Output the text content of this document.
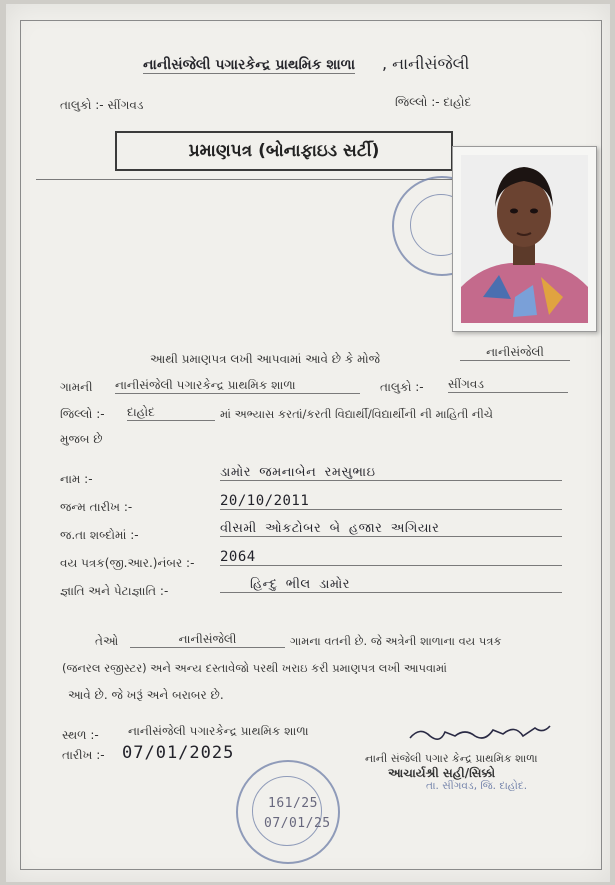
નાનીસંજેલી પગારકેન્દ્ર પ્રાથમિક શાળા , નાનીસંજેલી
તાલુકો :- સીંગવડ	જિલ્લો :- દાહોદ
પ્રમાણપત્ર (બોનાફાઇડ સર્ટી)
આથી પ્રમાણપત્ર લખી આપવામાં આવે છે કે મોજે	નાનીસંજેલી
ગામની નાનીસંજેલી પગારકેન્દ્ર પ્રાથમિક શાળા	તાલુકો :- સીંગવડ
જિલ્લો :- દાહોદ	માં અભ્યાસ કરતાં/કરતી વિદ્યાર્થી/વિદ્યાર્થીની ની માહિતી નીચે
મુજબ છે
નામ :-	ડામોર જમનાબેન રમસુભાઇ
જન્મ તારીખ :-	20/10/2011
જ.તા શબ્દોમાં :-	વીસમી ઓકટોબર બે હજાર અગિયાર
વય પત્રક(જી.આર.)નંબર :- 2064
જ્ઞાતિ અને પેટાજ્ઞાતિ :-	હિન્દુ ભીલ ડામોર
તેઓ	નાનીસંજેલી	ગામના વતની છે. જે અત્રેની શાળાના વય પત્રક
(જનરલ રજીસ્ટર) અને અન્ય દસ્તાવેજો પરથી ખરાઇ કરી પ્રમાણપત્ર લખી આપવામાં
આવે છે. જે ખરૂં અને બરાબર છે.
સ્થળ :- નાનીસંજેલી પગારકેન્દ્ર પ્રાથમિક શાળા
તારીખ :- 07/01/2025	નાની સંજેલી પગાર કેન્દ્ર પ્રાથમિક શાળા
આચાર્યશ્રી સહી/સિક્કો
તા. સીંગવડ, જિ. દાહોદ.
161/25
07/01/25
